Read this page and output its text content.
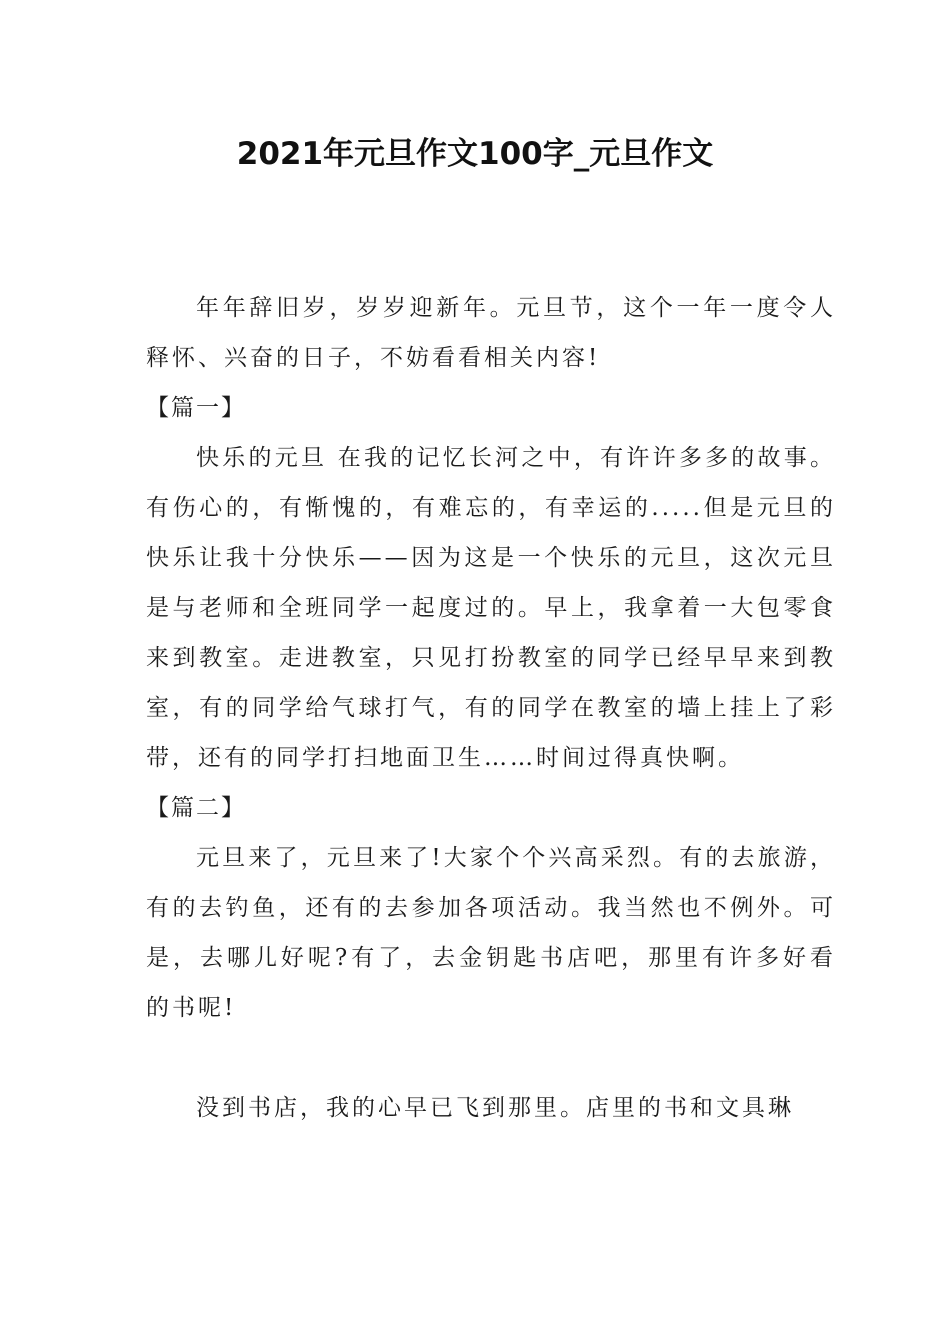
2021年元旦作文100字_元旦作文

年年辞旧岁，岁岁迎新年。元旦节，这个一年一度令人释怀、兴奋的日子，不妨看看相关内容!

【篇一】

快乐的元旦 在我的记忆长河之中，有许许多多的故事。有伤心的，有惭愧的，有难忘的，有幸运的.....但是元旦的快乐让我十分快乐——因为这是一个快乐的元旦，这次元旦是与老师和全班同学一起度过的。早上，我拿着一大包零食来到教室。走进教室，只见打扮教室的同学已经早早来到教室，有的同学给气球打气，有的同学在教室的墙上挂上了彩带，还有的同学打扫地面卫生……时间过得真快啊。

【篇二】

元旦来了，元旦来了!大家个个兴高采烈。有的去旅游，有的去钓鱼，还有的去参加各项活动。我当然也不例外。可是，去哪儿好呢?有了，去金钥匙书店吧，那里有许多好看的书呢!

没到书店，我的心早已飞到那里。店里的书和文具琳
